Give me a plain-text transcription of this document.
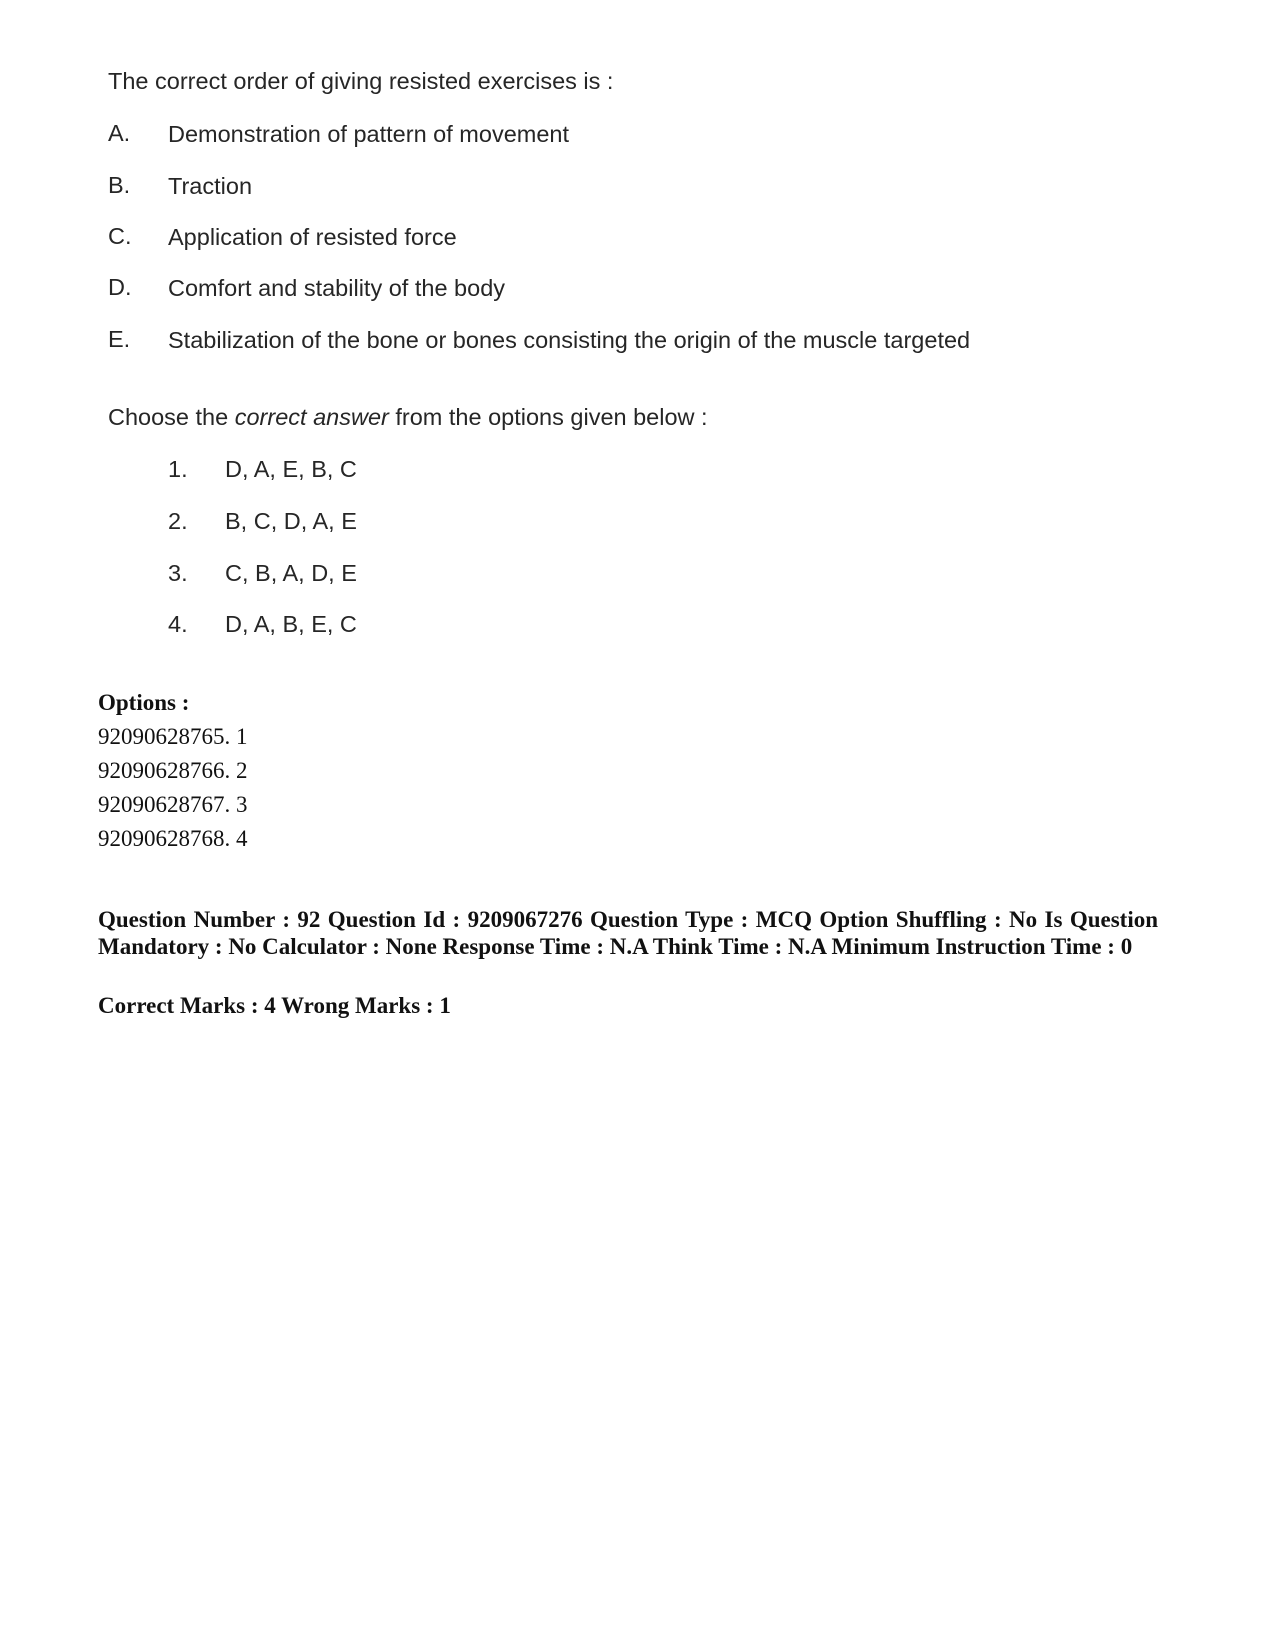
The correct order of giving resisted exercises is :
A. Demonstration of pattern of movement
B. Traction
C. Application of resisted force
D. Comfort and stability of the body
E. Stabilization of the bone or bones consisting the origin of the muscle targeted
Choose the correct answer from the options given below :
1. D, A, E, B, C
2. B, C, D, A, E
3. C, B, A, D, E
4. D, A, B, E, C
Options :
92090628765. 1
92090628766. 2
92090628767. 3
92090628768. 4
Question Number : 92 Question Id : 9209067276 Question Type : MCQ Option Shuffling : No Is Question Mandatory : No Calculator : None Response Time : N.A Think Time : N.A Minimum Instruction Time : 0
Correct Marks : 4 Wrong Marks : 1
